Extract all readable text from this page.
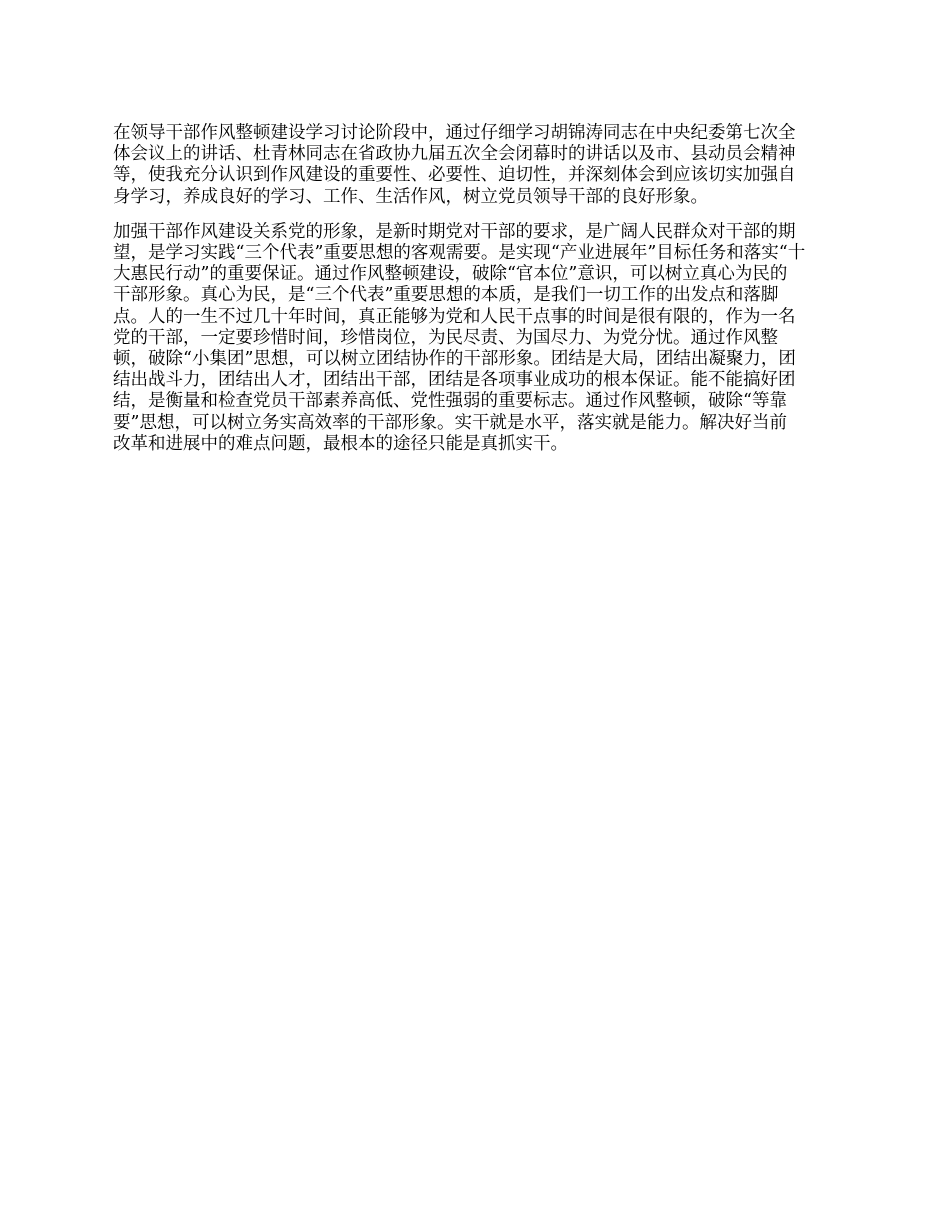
在领导干部作风整顿建设学习讨论阶段中，通过仔细学习胡锦涛同志在中央纪委第七次全
体会议上的讲话、杜青林同志在省政协九届五次全会闭幕时的讲话以及市、县动员会精神
等，使我充分认识到作风建设的重要性、必要性、迫切性，并深刻体会到应该切实加强自
身学习，养成良好的学习、工作、生活作风，树立党员领导干部的良好形象。

加强干部作风建设关系党的形象，是新时期党对干部的要求，是广阔人民群众对干部的期
望，是学习实践“三个代表”重要思想的客观需要。是实现“产业进展年”目标任务和落实“十
大惠民行动”的重要保证。通过作风整顿建设，破除“官本位”意识，可以树立真心为民的
干部形象。真心为民，是“三个代表”重要思想的本质，是我们一切工作的出发点和落脚
点。人的一生不过几十年时间，真正能够为党和人民干点事的时间是很有限的，作为一名
党的干部，一定要珍惜时间，珍惜岗位，为民尽责、为国尽力、为党分忧。通过作风整
顿，破除“小集团”思想，可以树立团结协作的干部形象。团结是大局，团结出凝聚力，团
结出战斗力，团结出人才，团结出干部，团结是各项事业成功的根本保证。能不能搞好团
结，是衡量和检查党员干部素养高低、党性强弱的重要标志。通过作风整顿，破除“等靠
要”思想，可以树立务实高效率的干部形象。实干就是水平，落实就是能力。解决好当前
改革和进展中的难点问题，最根本的途径只能是真抓实干。
